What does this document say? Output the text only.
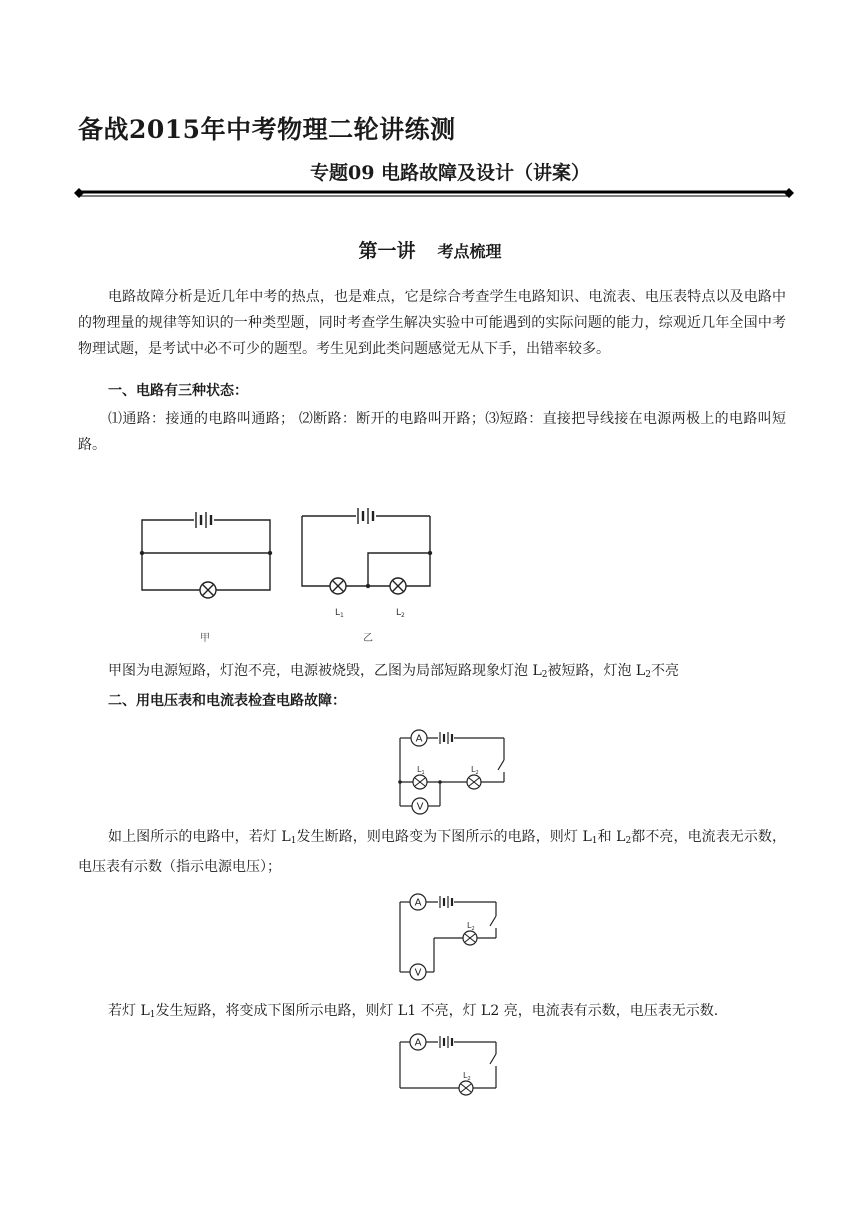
备战2015年中考物理二轮讲练测
专题09 电路故障及设计（讲案）
第一讲 考点梳理
电路故障分析是近几年中考的热点，也是难点，它是综合考查学生电路知识、电流表、电压表特点以及电路中的物理量的规律等知识的一种类型题，同时考查学生解决实验中可能遇到的实际问题的能力，综观近几年全国中考物理试题，是考试中必不可少的题型。考生见到此类问题感觉无从下手，出错率较多。
一、电路有三种状态：
⑴通路：接通的电路叫通路； ⑵断路：断开的电路叫开路；⑶短路：直接把导线接在电源两极上的电路叫短路。
$L_1$	$L_2$
甲	乙
甲图为电源短路，灯泡不亮，电源被烧毁，乙图为局部短路现象灯泡 $L_2$被短路，灯泡 $L_2$不亮
二、用电压表和电流表检查电路故障：
A
V
$L_1$	$L_2$
如上图所示的电路中，若灯 $L_1$发生断路，则电路变为下图所示的电路，则灯 $L_1$和 $L_2$都不亮，电流表无示数，电压表有示数（指示电源电压）；
A
V
$L_2$
若灯 $L_1$发生短路，将变成下图所示电路，则灯 L1 不亮，灯 L2 亮，电流表有示数，电压表无示数.
A
$L_2$
